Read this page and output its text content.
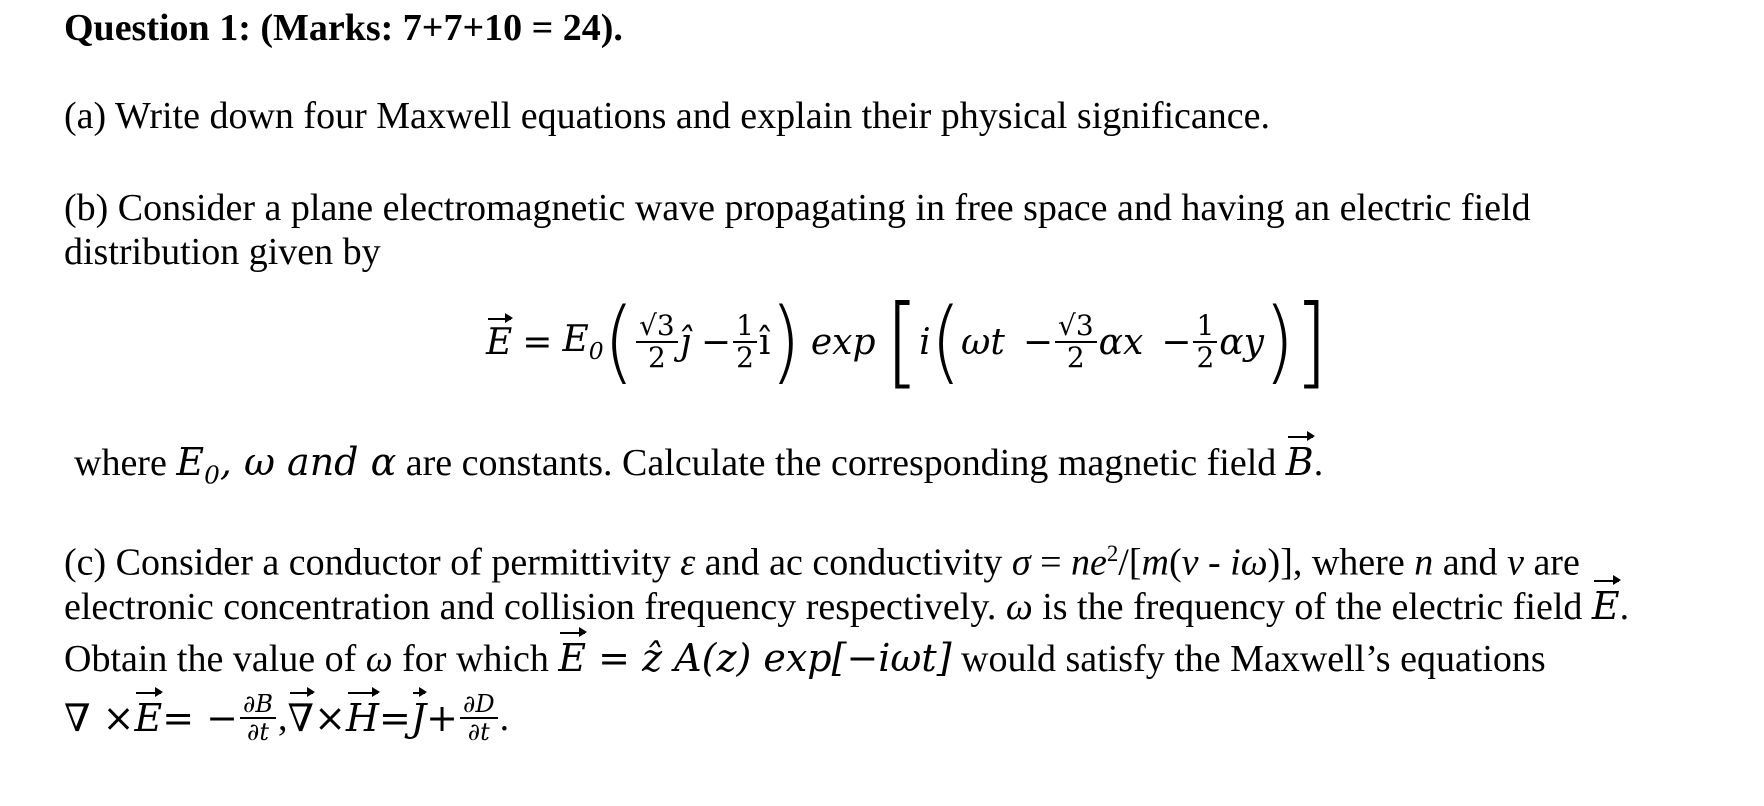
Question 1: (Marks: 7+7+10 = 24).
(a) Write down four Maxwell equations and explain their physical significance.
(b) Consider a plane electromagnetic wave propagating in free space and having an electric field
distribution given by
$E = E_0$ ( $\frac{√3}{2}$ ĵ − $\frac{1}{2}$ î ) exp [ i ( $\omega t - \frac{√3}{2}$ $\alpha x - \frac{1}{2}$ αy ) ]
where $E_0$, ω and α are constants. Calculate the corresponding magnetic field B.
(c) Consider a conductor of permittivity ε and ac conductivity $\sigma = ne^2/[m(\nu - i\omega)]$, where n and ν are
electronic concentration and collision frequency respectively. ω is the frequency of the electric field E.
Obtain the value of ω for which E = ẑ A(z) exp[−iωt] would satisfy the Maxwell’s equations
∇ × E = − $\frac{\partial B}{\partial t}$ , ∇ × $H = J + \frac{\partial D}{\partial t}$ .
